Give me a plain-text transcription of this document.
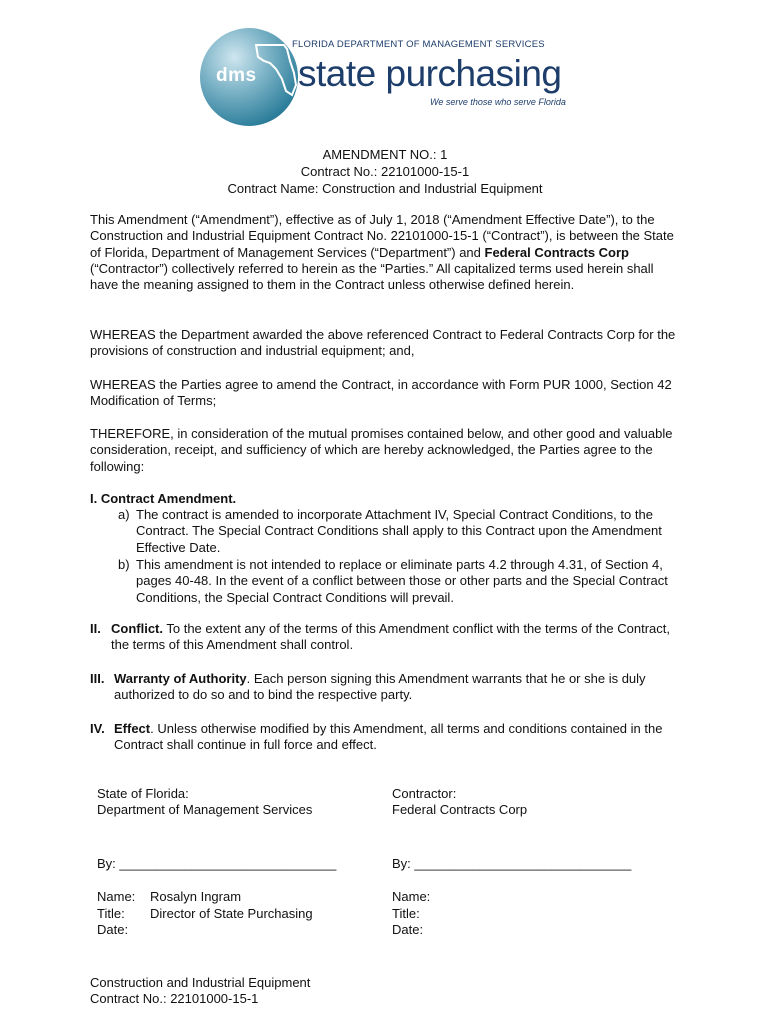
dms
FLORIDA DEPARTMENT OF MANAGEMENT SERVICES
state purchasing
We serve those who serve Florida
AMENDMENT NO.: 1
Contract No.: 22101000-15-1
Contract Name: Construction and Industrial Equipment

This Amendment (“Amendment”), effective as of July 1, 2018 (“Amendment Effective Date”), to the Construction and Industrial Equipment Contract No. 22101000-15-1 (“Contract”), is between the State of Florida, Department of Management Services (“Department”) and Federal Contracts Corp (“Contractor”) collectively referred to herein as the “Parties.” All capitalized terms used herein shall have the meaning assigned to them in the Contract unless otherwise defined herein.

WHEREAS the Department awarded the above referenced Contract to Federal Contracts Corp for the provisions of construction and industrial equipment; and,

WHEREAS the Parties agree to amend the Contract, in accordance with Form PUR 1000, Section 42 Modification of Terms;

THEREFORE, in consideration of the mutual promises contained below, and other good and valuable consideration, receipt, and sufficiency of which are hereby acknowledged, the Parties agree to the following:

I. Contract Amendment.
a) The contract is amended to incorporate Attachment IV, Special Contract Conditions, to the Contract. The Special Contract Conditions shall apply to this Contract upon the Amendment Effective Date.
b) This amendment is not intended to replace or eliminate parts 4.2 through 4.31, of Section 4, pages 40-48. In the event of a conflict between those or other parts and the Special Contract Conditions, the Special Contract Conditions will prevail.
II. Conflict. To the extent any of the terms of this Amendment conflict with the terms of the Contract, the terms of this Amendment shall control.
III. Warranty of Authority. Each person signing this Amendment warrants that he or she is duly authorized to do so and to bind the respective party.
IV. Effect. Unless otherwise modified by this Amendment, all terms and conditions contained in the Contract shall continue in full force and effect.
State of Florida:
Department of Management Services
By: ______________________________
Name: Rosalyn Ingram
Title: Director of State Purchasing
Date:
Contractor:
Federal Contracts Corp
By: ______________________________
Name:
Title:
Date:
Construction and Industrial Equipment
Contract No.: 22101000-15-1
